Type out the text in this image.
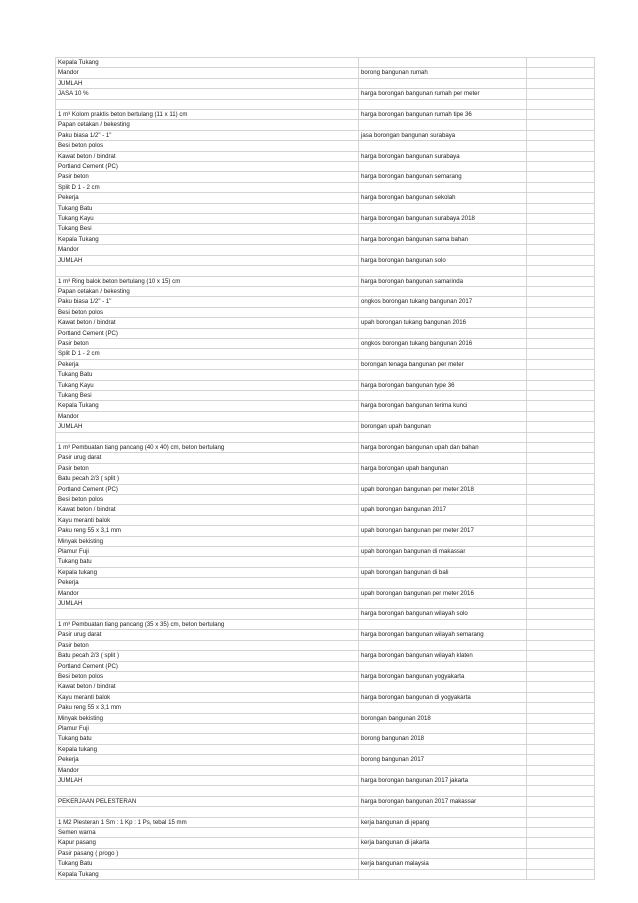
Kepala Tukang		
Mandor	borong bangunan rumah	
JUMLAH		
JASA 10 %	harga borongan bangunan rumah per meter	

1 m³ Kolom praktis beton bertulang (11 x 11) cm	harga borongan bangunan rumah tipe 36	
Papan cetakan / bekesting		
Paku biasa 1/2" - 1"	jasa borongan bangunan surabaya	
Besi beton polos		
Kawat beton / bindrat	harga borongan bangunan surabaya	
Portland Cement (PC)		
Pasir beton	harga borongan bangunan semarang	
Split D 1 - 2 cm		
Pekerja	harga borongan bangunan sekolah	
Tukang Batu		
Tukang Kayu	harga borongan bangunan surabaya 2018	
Tukang Besi		
Kepala Tukang	harga borongan bangunan sama bahan	
Mandor		
JUMLAH	harga borongan bangunan solo	

1 m³ Ring balok beton bertulang (10 x 15) cm	harga borongan bangunan samarinda	
Papan cetakan / bekesting		
Paku biasa 1/2" - 1"	ongkos borongan tukang bangunan 2017	
Besi beton polos		
Kawat beton / bindrat	upah borongan tukang bangunan 2016	
Portland Cement (PC)		
Pasir beton	ongkos borongan tukang bangunan 2016	
Split D 1 - 2 cm		
Pekerja	borongan tenaga bangunan per meter	
Tukang Batu		
Tukang Kayu	harga borongan bangunan type 36	
Tukang Besi		
Kepala Tukang	harga borongan bangunan terima kunci	
Mandor		
JUMLAH	borongan upah bangunan	

1 m³ Pembuatan tiang pancang (40 x 40) cm, beton bertulang	harga borongan bangunan upah dan bahan	
Pasir urug darat		
Pasir beton	harga borongan upah bangunan	
Batu pecah 2/3 ( split )		
Portland Cement (PC)	upah borongan bangunan per meter 2018	
Besi beton polos		
Kawat beton / bindrat	upah borongan bangunan 2017	
Kayu meranti balok		
Paku reng 55 x 3,1 mm	upah borongan bangunan per meter 2017	
Minyak bekisting		
Plamur Fuji	upah borongan bangunan di makassar	
Tukang batu		
Kepala tukang	upah borongan bangunan di bali	
Pekerja		
Mandor	upah borongan bangunan per meter 2016	
JUMLAH		
	harga borongan bangunan wilayah solo	
1 m³ Pembuatan tiang pancang (35 x 35) cm, beton bertulang		
Pasir urug darat	harga borongan bangunan wilayah semarang	
Pasir beton		
Batu pecah 2/3 ( split )	harga borongan bangunan wilayah klaten	
Portland Cement (PC)		
Besi beton polos	harga borongan bangunan yogyakarta	
Kawat beton / bindrat		
Kayu meranti balok	harga borongan bangunan di yogyakarta	
Paku reng 55 x 3,1 mm		
Minyak bekisting	borongan bangunan 2018	
Plamur Fuji		
Tukang batu	borong bangunan 2018	
Kepala tukang		
Pekerja	borong bangunan 2017	
Mandor		
JUMLAH	harga borongan bangunan 2017 jakarta	

PEKERJAAN PELESTERAN	harga borongan bangunan 2017 makassar	

1 M2 Plesteran 1 Sm : 1 Kp : 1 Ps, tebal 15 mm	kerja bangunan di jepang	
Semen warna		
Kapur pasang	kerja bangunan di jakarta	
Pasir pasang ( progo )		
Tukang Batu	kerja bangunan malaysia	
Kepala Tukang		
